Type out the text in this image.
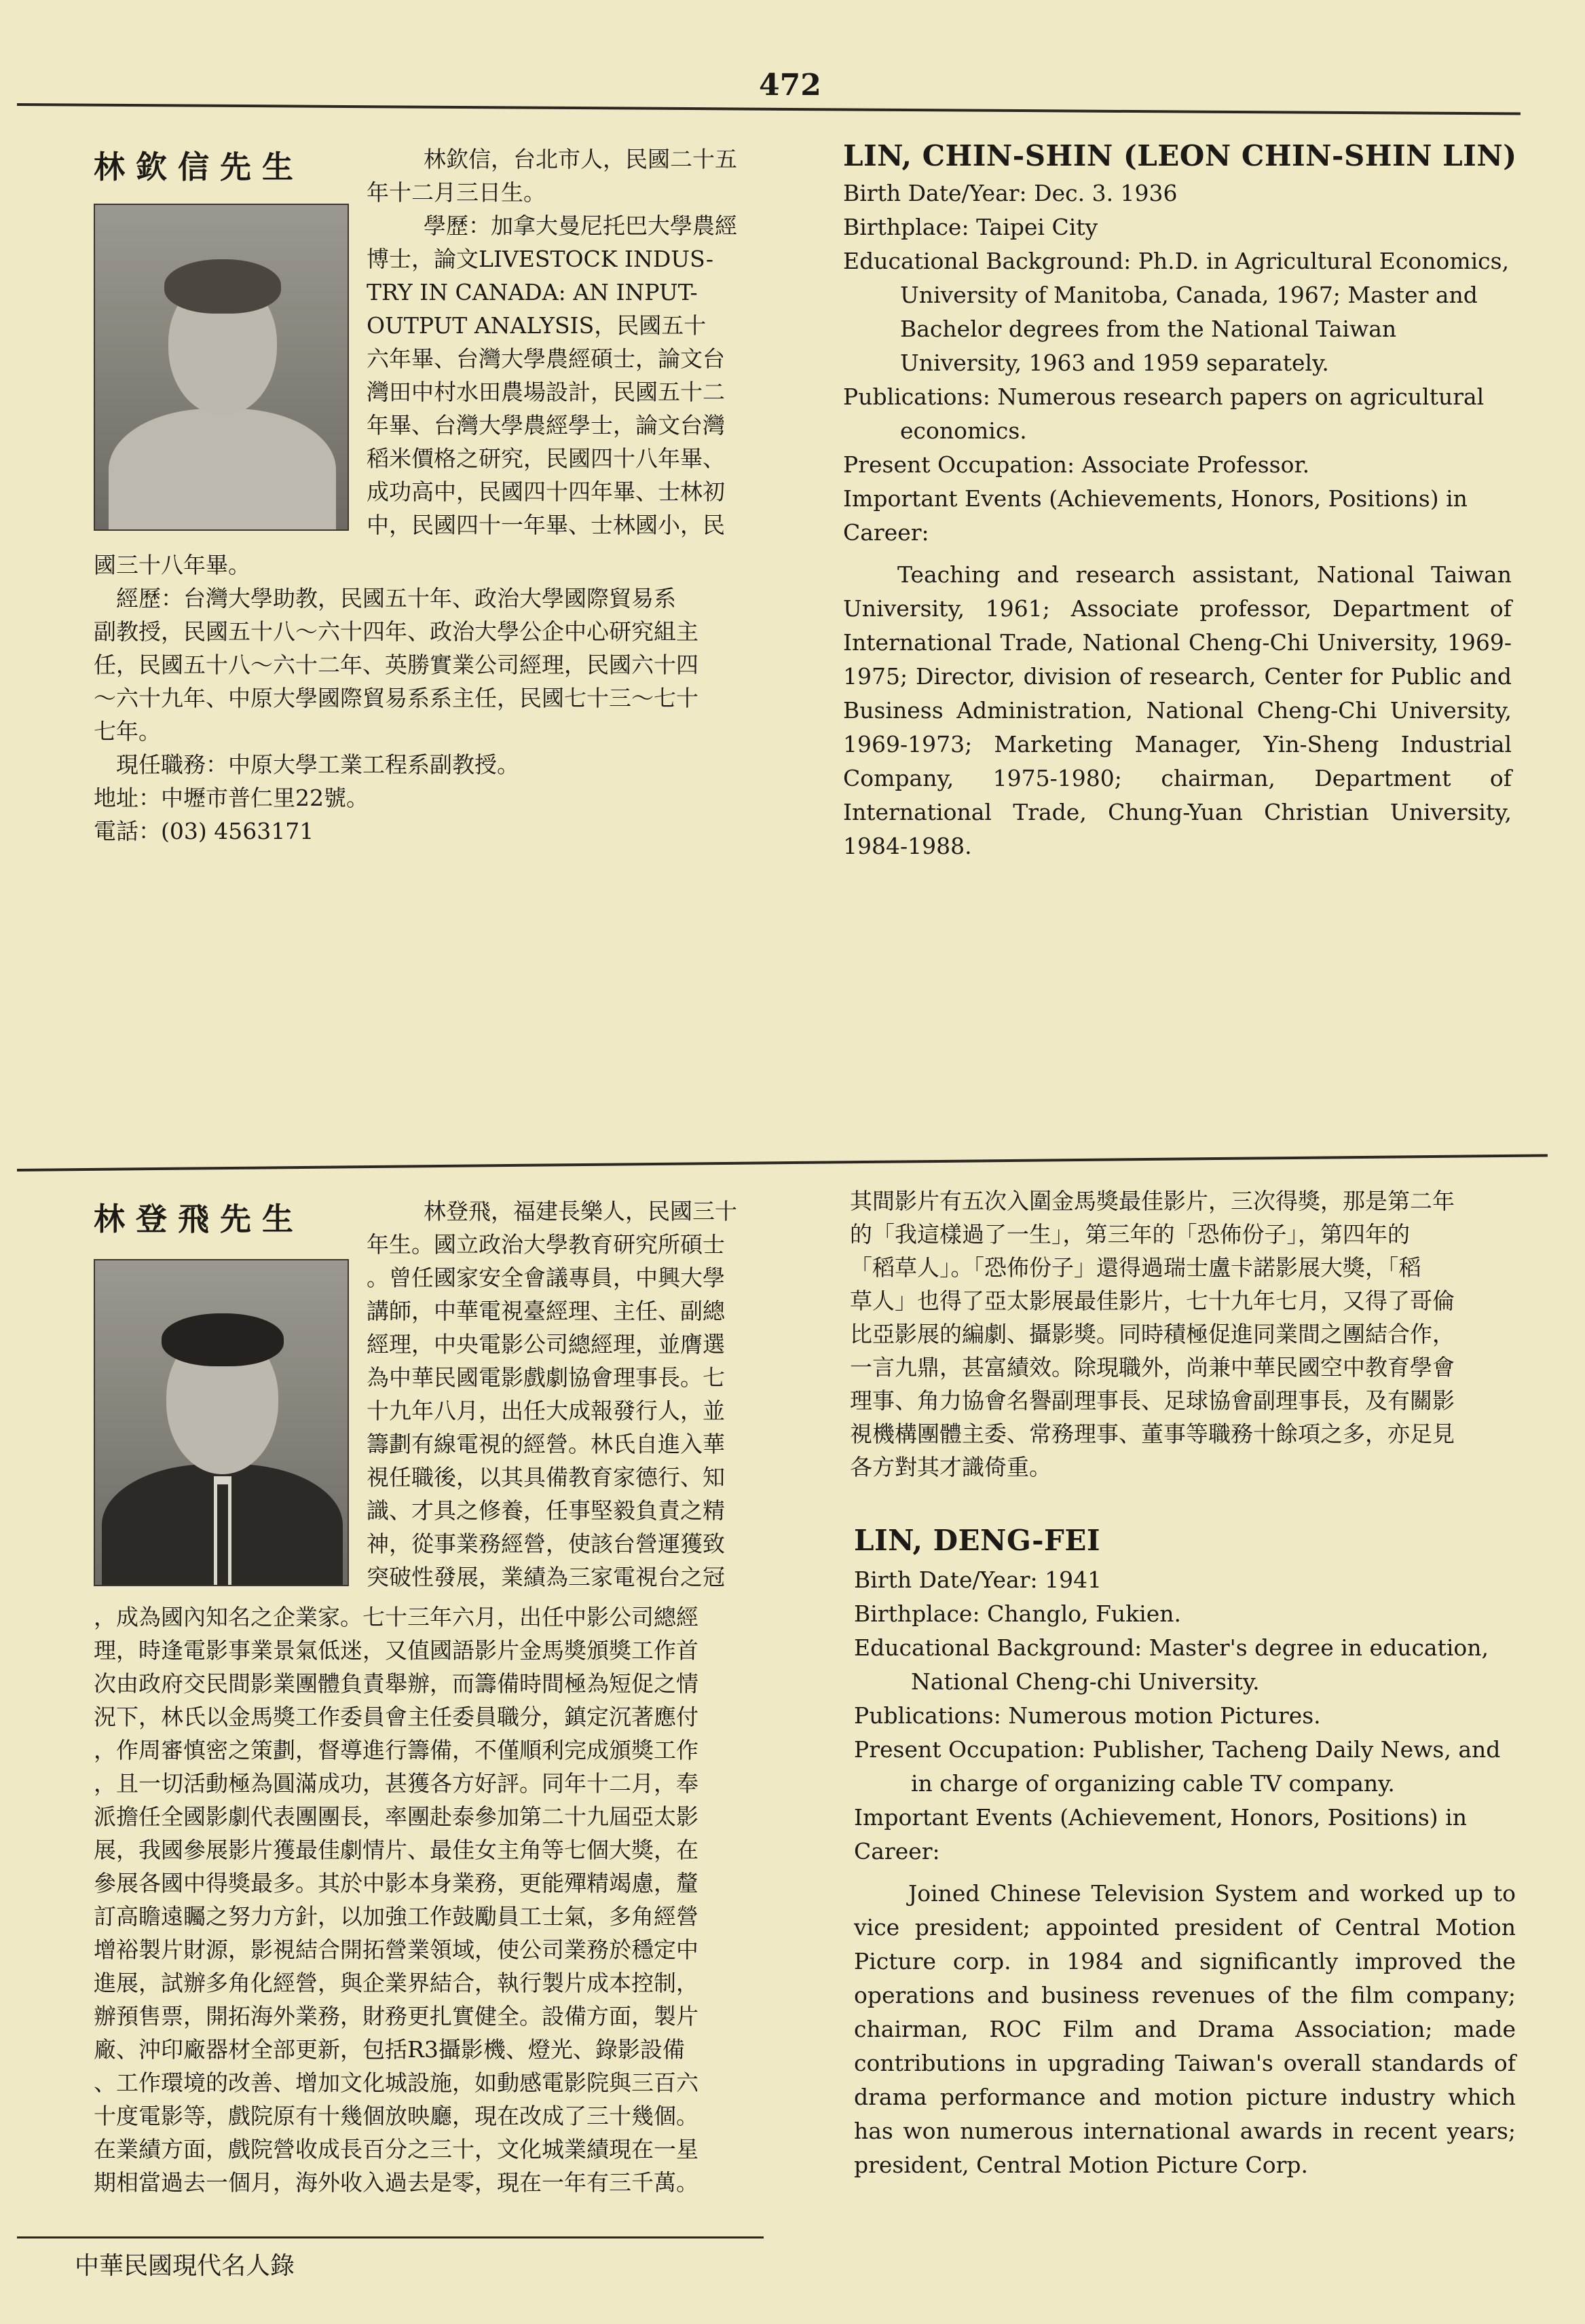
472
林欽信先生	林欽信，台北市人，民國二十五

年十二月三日生。

學歷：加拿大曼尼托巴大學農經

博士，論文LIVESTOCK INDUS-

TRY IN CANADA: AN INPUT-

OUTPUT ANALYSIS，民國五十

六年畢、台灣大學農經碩士，論文台

灣田中村水田農場設計，民國五十二

年畢、台灣大學農經學士，論文台灣

稻米價格之研究，民國四十八年畢、

成功高中，民國四十四年畢、士林初

中，民國四十一年畢、士林國小，民

國三十八年畢。

　經歷：台灣大學助教，民國五十年、政治大學國際貿易系

副教授，民國五十八～六十四年、政治大學公企中心研究組主

任，民國五十八～六十二年、英勝實業公司經理，民國六十四

～六十九年、中原大學國際貿易系系主任，民國七十三～七十

七年。

　現任職務：中原大學工業工程系副教授。

地址：中壢市普仁里22號。

電話：(03) 4563171

LIN, CHIN-SHIN (LEON CHIN-SHIN LIN)

Birth Date/Year: Dec. 3. 1936

Birthplace: Taipei City

Educational Background: Ph.D. in Agricultural Economics, University of Manitoba, Canada, 1967; Master and Bachelor degrees from the National Taiwan University, 1963 and 1959 separately.

Publications: Numerous research papers on agricultural economics.

Present Occupation: Associate Professor.

Important Events (Achievements, Honors, Positions) in Career:

Teaching and research assistant, National Taiwan University, 1961; Associate professor, Department of International Trade, National Cheng-Chi University, 1969-1975; Director, division of research, Center for Public and Business Administration, National Cheng-Chi University, 1969-1973; Marketing Manager, Yin-Sheng Industrial Company, 1975-1980; chairman, Department of International Trade, Chung-Yuan Christian University, 1984-1988.

林登飛先生	林登飛，福建長樂人，民國三十

年生。國立政治大學教育研究所碩士

。曾任國家安全會議專員，中興大學

講師，中華電視臺經理、主任、副總

經理，中央電影公司總經理，並膺選

為中華民國電影戲劇協會理事長。七

十九年八月，出任大成報發行人，並

籌劃有線電視的經營。林氏自進入華

視任職後，以其具備教育家德行、知

識、才具之修養，任事堅毅負責之精

神，從事業務經營，使該台營運獲致

突破性發展，業績為三家電視台之冠

，成為國內知名之企業家。七十三年六月，出任中影公司總經

理，時逢電影事業景氣低迷，又值國語影片金馬獎頒獎工作首

次由政府交民間影業團體負責舉辦，而籌備時間極為短促之情

況下，林氏以金馬獎工作委員會主任委員職分，鎮定沉著應付

，作周審慎密之策劃，督導進行籌備，不僅順利完成頒獎工作

，且一切活動極為圓滿成功，甚獲各方好評。同年十二月，奉

派擔任全國影劇代表團團長，率團赴泰參加第二十九屆亞太影

展，我國參展影片獲最佳劇情片、最佳女主角等七個大獎，在

參展各國中得獎最多。其於中影本身業務，更能殫精竭慮，釐

訂高瞻遠矚之努力方針，以加強工作鼓勵員工士氣，多角經營

增裕製片財源，影視結合開拓營業領域，使公司業務於穩定中

進展，試辦多角化經營，與企業界結合，執行製片成本控制，

辦預售票，開拓海外業務，財務更扎實健全。設備方面，製片

廠、沖印廠器材全部更新，包括R3攝影機、燈光、錄影設備

、工作環境的改善、增加文化城設施，如動感電影院與三百六

十度電影等，戲院原有十幾個放映廳，現在改成了三十幾個。

在業績方面，戲院營收成長百分之三十，文化城業績現在一星

期相當過去一個月，海外收入過去是零，現在一年有三千萬。

其間影片有五次入圍金馬獎最佳影片，三次得獎，那是第二年

的「我這樣過了一生」，第三年的「恐佈份子」，第四年的

「稻草人」。「恐佈份子」還得過瑞士盧卡諾影展大獎，「稻

草人」也得了亞太影展最佳影片，七十九年七月，又得了哥倫

比亞影展的編劇、攝影獎。同時積極促進同業間之團結合作，

一言九鼎，甚富績效。除現職外，尚兼中華民國空中教育學會

理事、角力協會名譽副理事長、足球協會副理事長，及有關影

視機構團體主委、常務理事、董事等職務十餘項之多，亦足見

各方對其才識倚重。

LIN, DENG-FEI

Birth Date/Year: 1941

Birthplace: Changlo, Fukien.

Educational Background: Master's degree in education, National Cheng-chi University.

Publications: Numerous motion Pictures.

Present Occupation: Publisher, Tacheng Daily News, and in charge of organizing cable TV company.

Important Events (Achievement, Honors, Positions) in Career:

Joined Chinese Television System and worked up to vice president; appointed president of Central Motion Picture corp. in 1984 and significantly improved the operations and business revenues of the film company; chairman, ROC Film and Drama Association; made contributions in upgrading Taiwan's overall standards of drama performance and motion picture industry which has won numerous international awards in recent years; president, Central Motion Picture Corp.

中華民國現代名人錄
